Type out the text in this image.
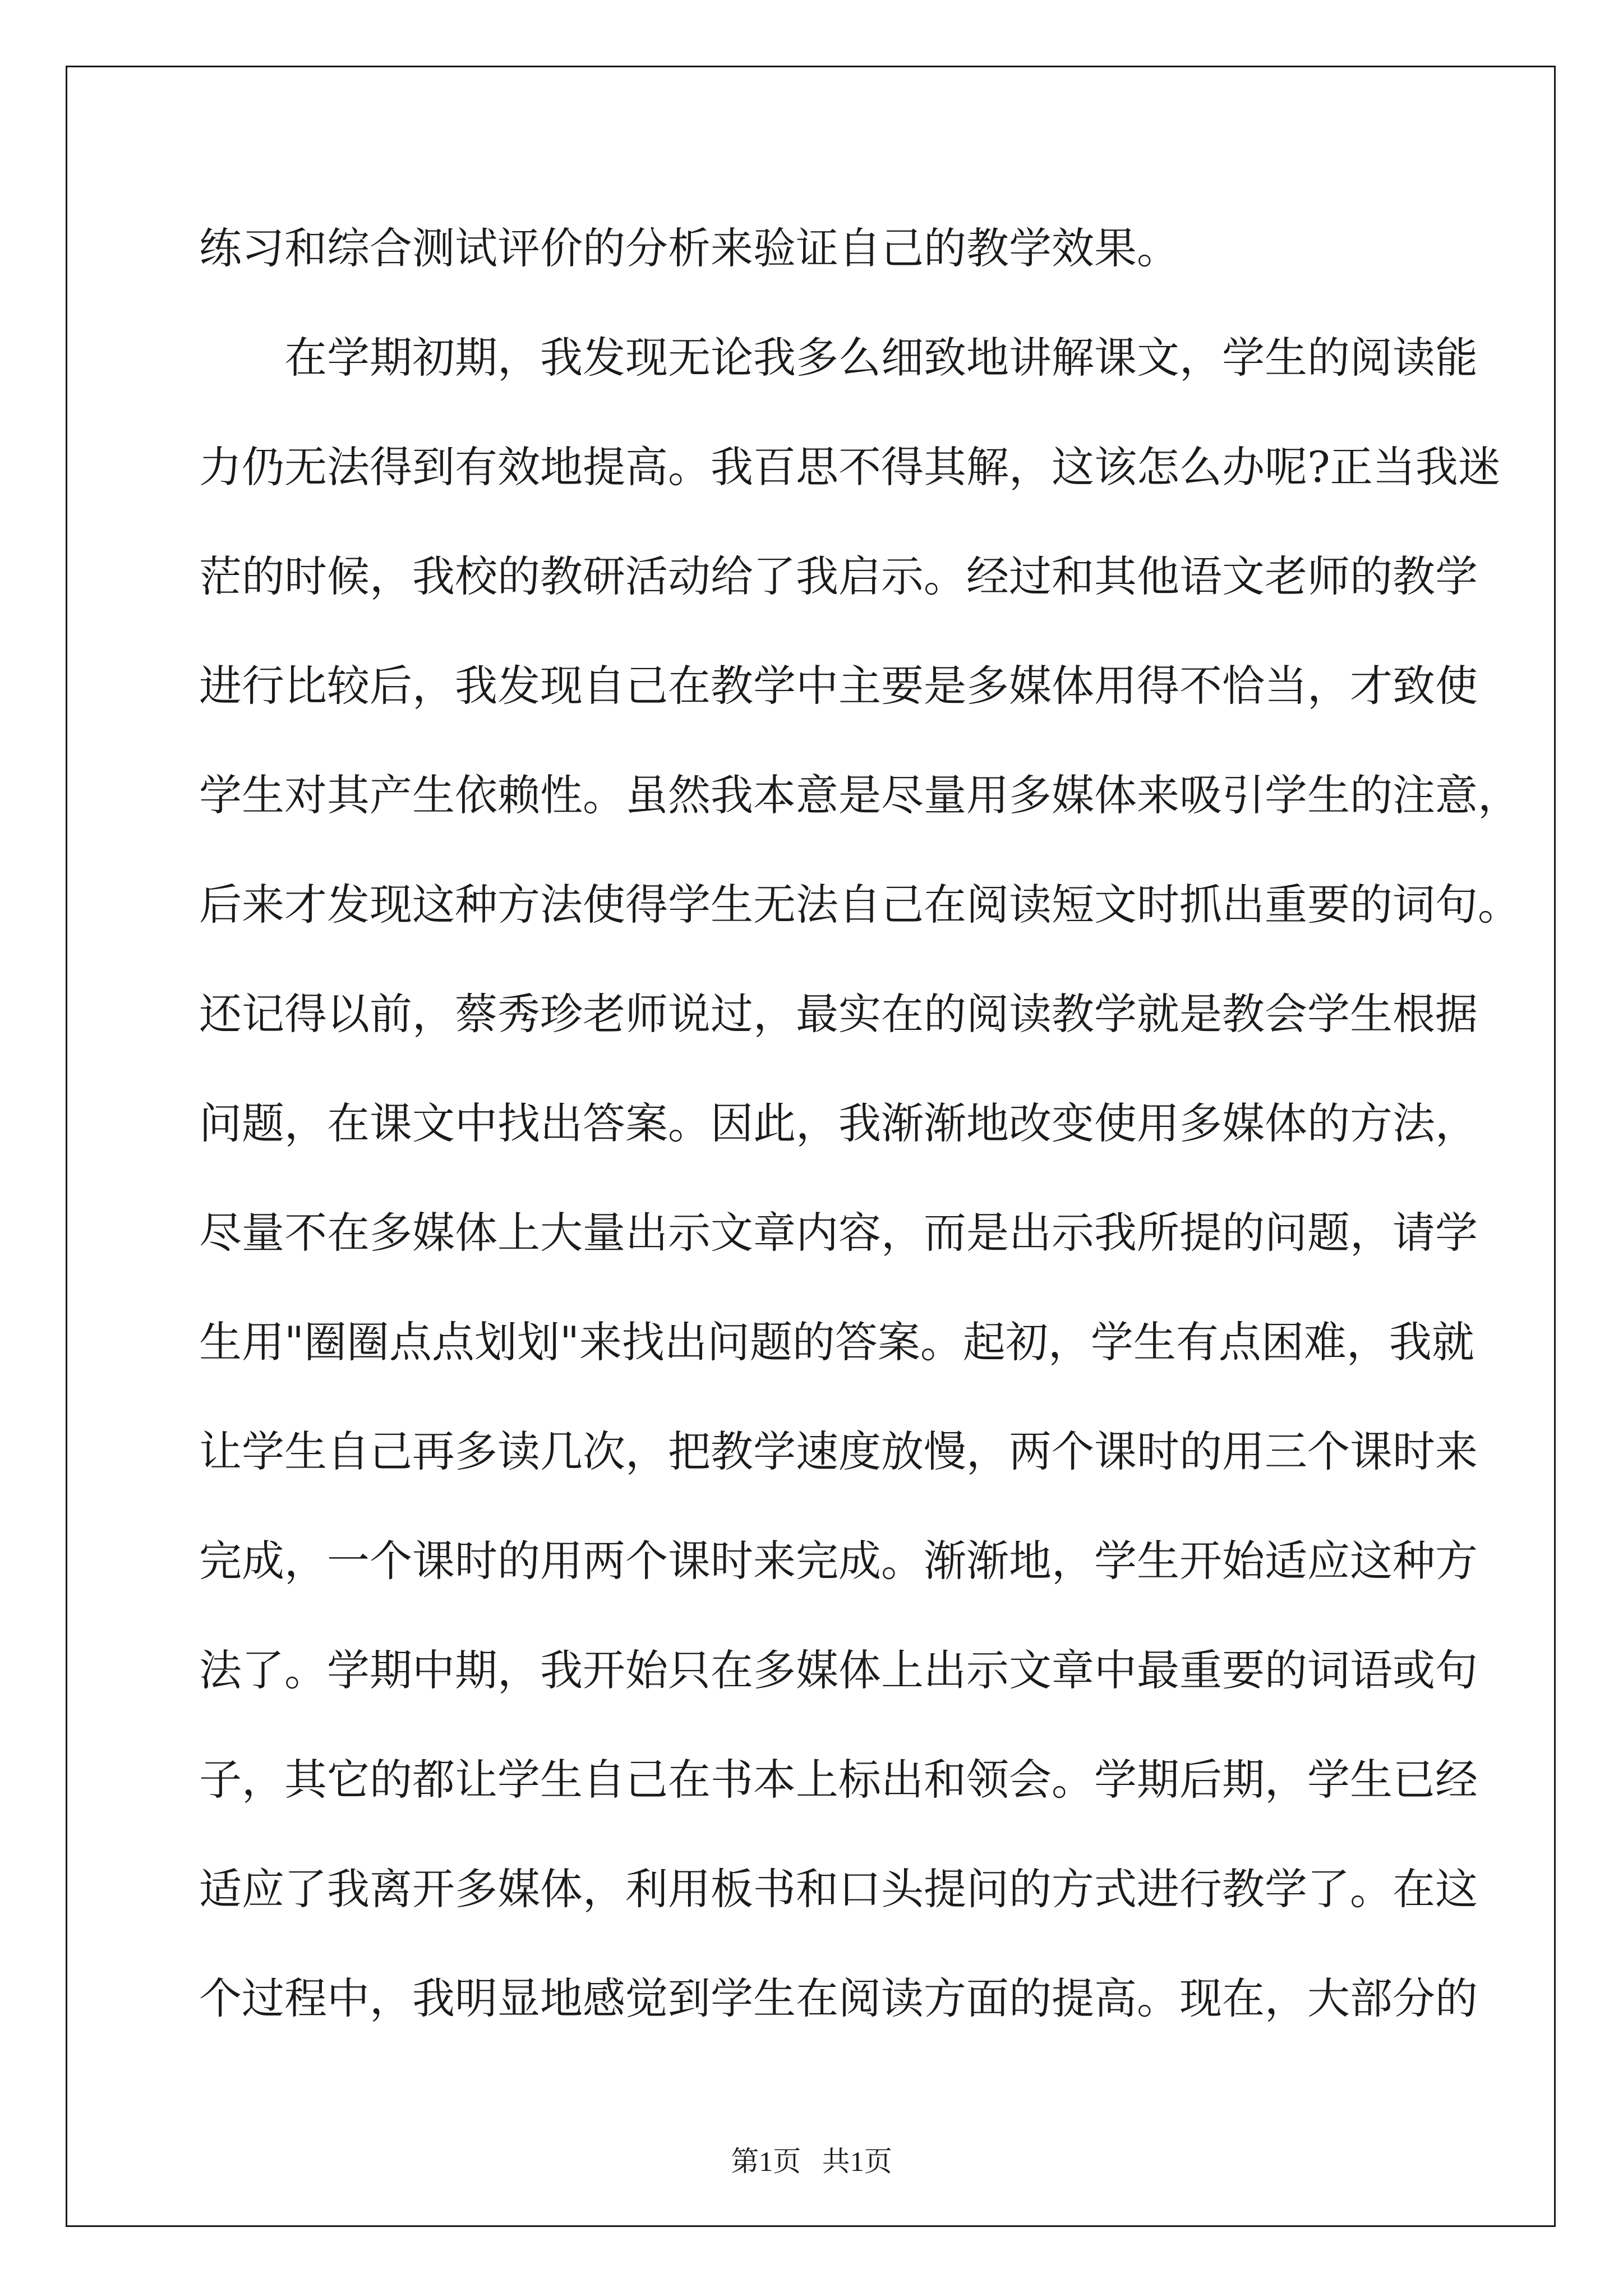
练习和综合测试评价的分析来验证自己的教学效果。
在学期初期，我发现无论我多么细致地讲解课文，学生的阅读能
力仍无法得到有效地提高。我百思不得其解，这该怎么办呢?正当我迷
茫的时候，我校的教研活动给了我启示。经过和其他语文老师的教学
进行比较后，我发现自己在教学中主要是多媒体用得不恰当，才致使
学生对其产生依赖性。虽然我本意是尽量用多媒体来吸引学生的注意，
后来才发现这种方法使得学生无法自己在阅读短文时抓出重要的词句。
还记得以前，蔡秀珍老师说过，最实在的阅读教学就是教会学生根据
问题，在课文中找出答案。因此，我渐渐地改变使用多媒体的方法，
尽量不在多媒体上大量出示文章内容，而是出示我所提的问题，请学
生用"圈圈点点划划"来找出问题的答案。起初，学生有点困难，我就
让学生自己再多读几次，把教学速度放慢，两个课时的用三个课时来
完成，一个课时的用两个课时来完成。渐渐地，学生开始适应这种方
法了。学期中期，我开始只在多媒体上出示文章中最重要的词语或句
子，其它的都让学生自己在书本上标出和领会。学期后期，学生已经
适应了我离开多媒体，利用板书和口头提问的方式进行教学了。在这
个过程中，我明显地感觉到学生在阅读方面的提高。现在，大部分的
第1页   共1页
